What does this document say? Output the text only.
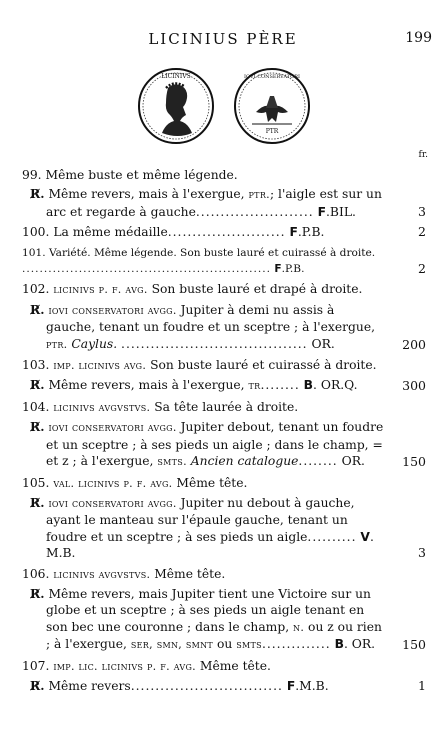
LICINIUS PÈRE	199
LICINIVS	IOVI CONSERVATORI
PTR
fr.
99. Même buste et même légende.
R̸. Même revers, mais à l'exergue, ptr.; l'aigle est sur un arc et regarde à gauche........................ F.BIL.	3
100. La même médaille........................ F.P.B.	2
101. Variété. Même légende. Son buste lauré et cuirassé à droite. ......................................................... F.P.B.	2
102. licinivs p. f. avg. Son buste lauré et drapé à droite.
R̸. iovi conservatori avgg. Jupiter à demi nu assis à gauche, tenant un foudre et un sceptre ; à l'exergue, ptr. Caylus. ...................................... OR.	200
103. imp. licinivs avg. Son buste lauré et cuirassé à droite.
R̸. Même revers, mais à l'exergue, tr........ B. OR.Q.	300
104. licinivs avgvstvs. Sa tête laurée à droite.
R̸. iovi conservatori avgg. Jupiter debout, tenant un foudre et un sceptre ; à ses pieds un aigle ; dans le champ, = et z ; à l'exergue, smts. Ancien catalogue........ OR.	150
105. val. licinivs p. f. avg. Même tête.
R̸. iovi conservatori avgg. Jupiter nu debout à gauche, ayant le manteau sur l'épaule gauche, tenant un foudre et un sceptre ; à ses pieds un aigle.......... V. M.B.	3
106. licinivs avgvstvs. Même tête.
R̸. Même revers, mais Jupiter tient une Victoire sur un globe et un sceptre ; à ses pieds un aigle tenant en son bec une couronne ; dans le champ, n. ou z ou rien ; à l'exergue, ser, smn, smnt ou smts.............. B. OR.	150
107. imp. lic. licinivs p. f. avg. Même tête.
R̸. Même revers............................... F.M.B.	1
